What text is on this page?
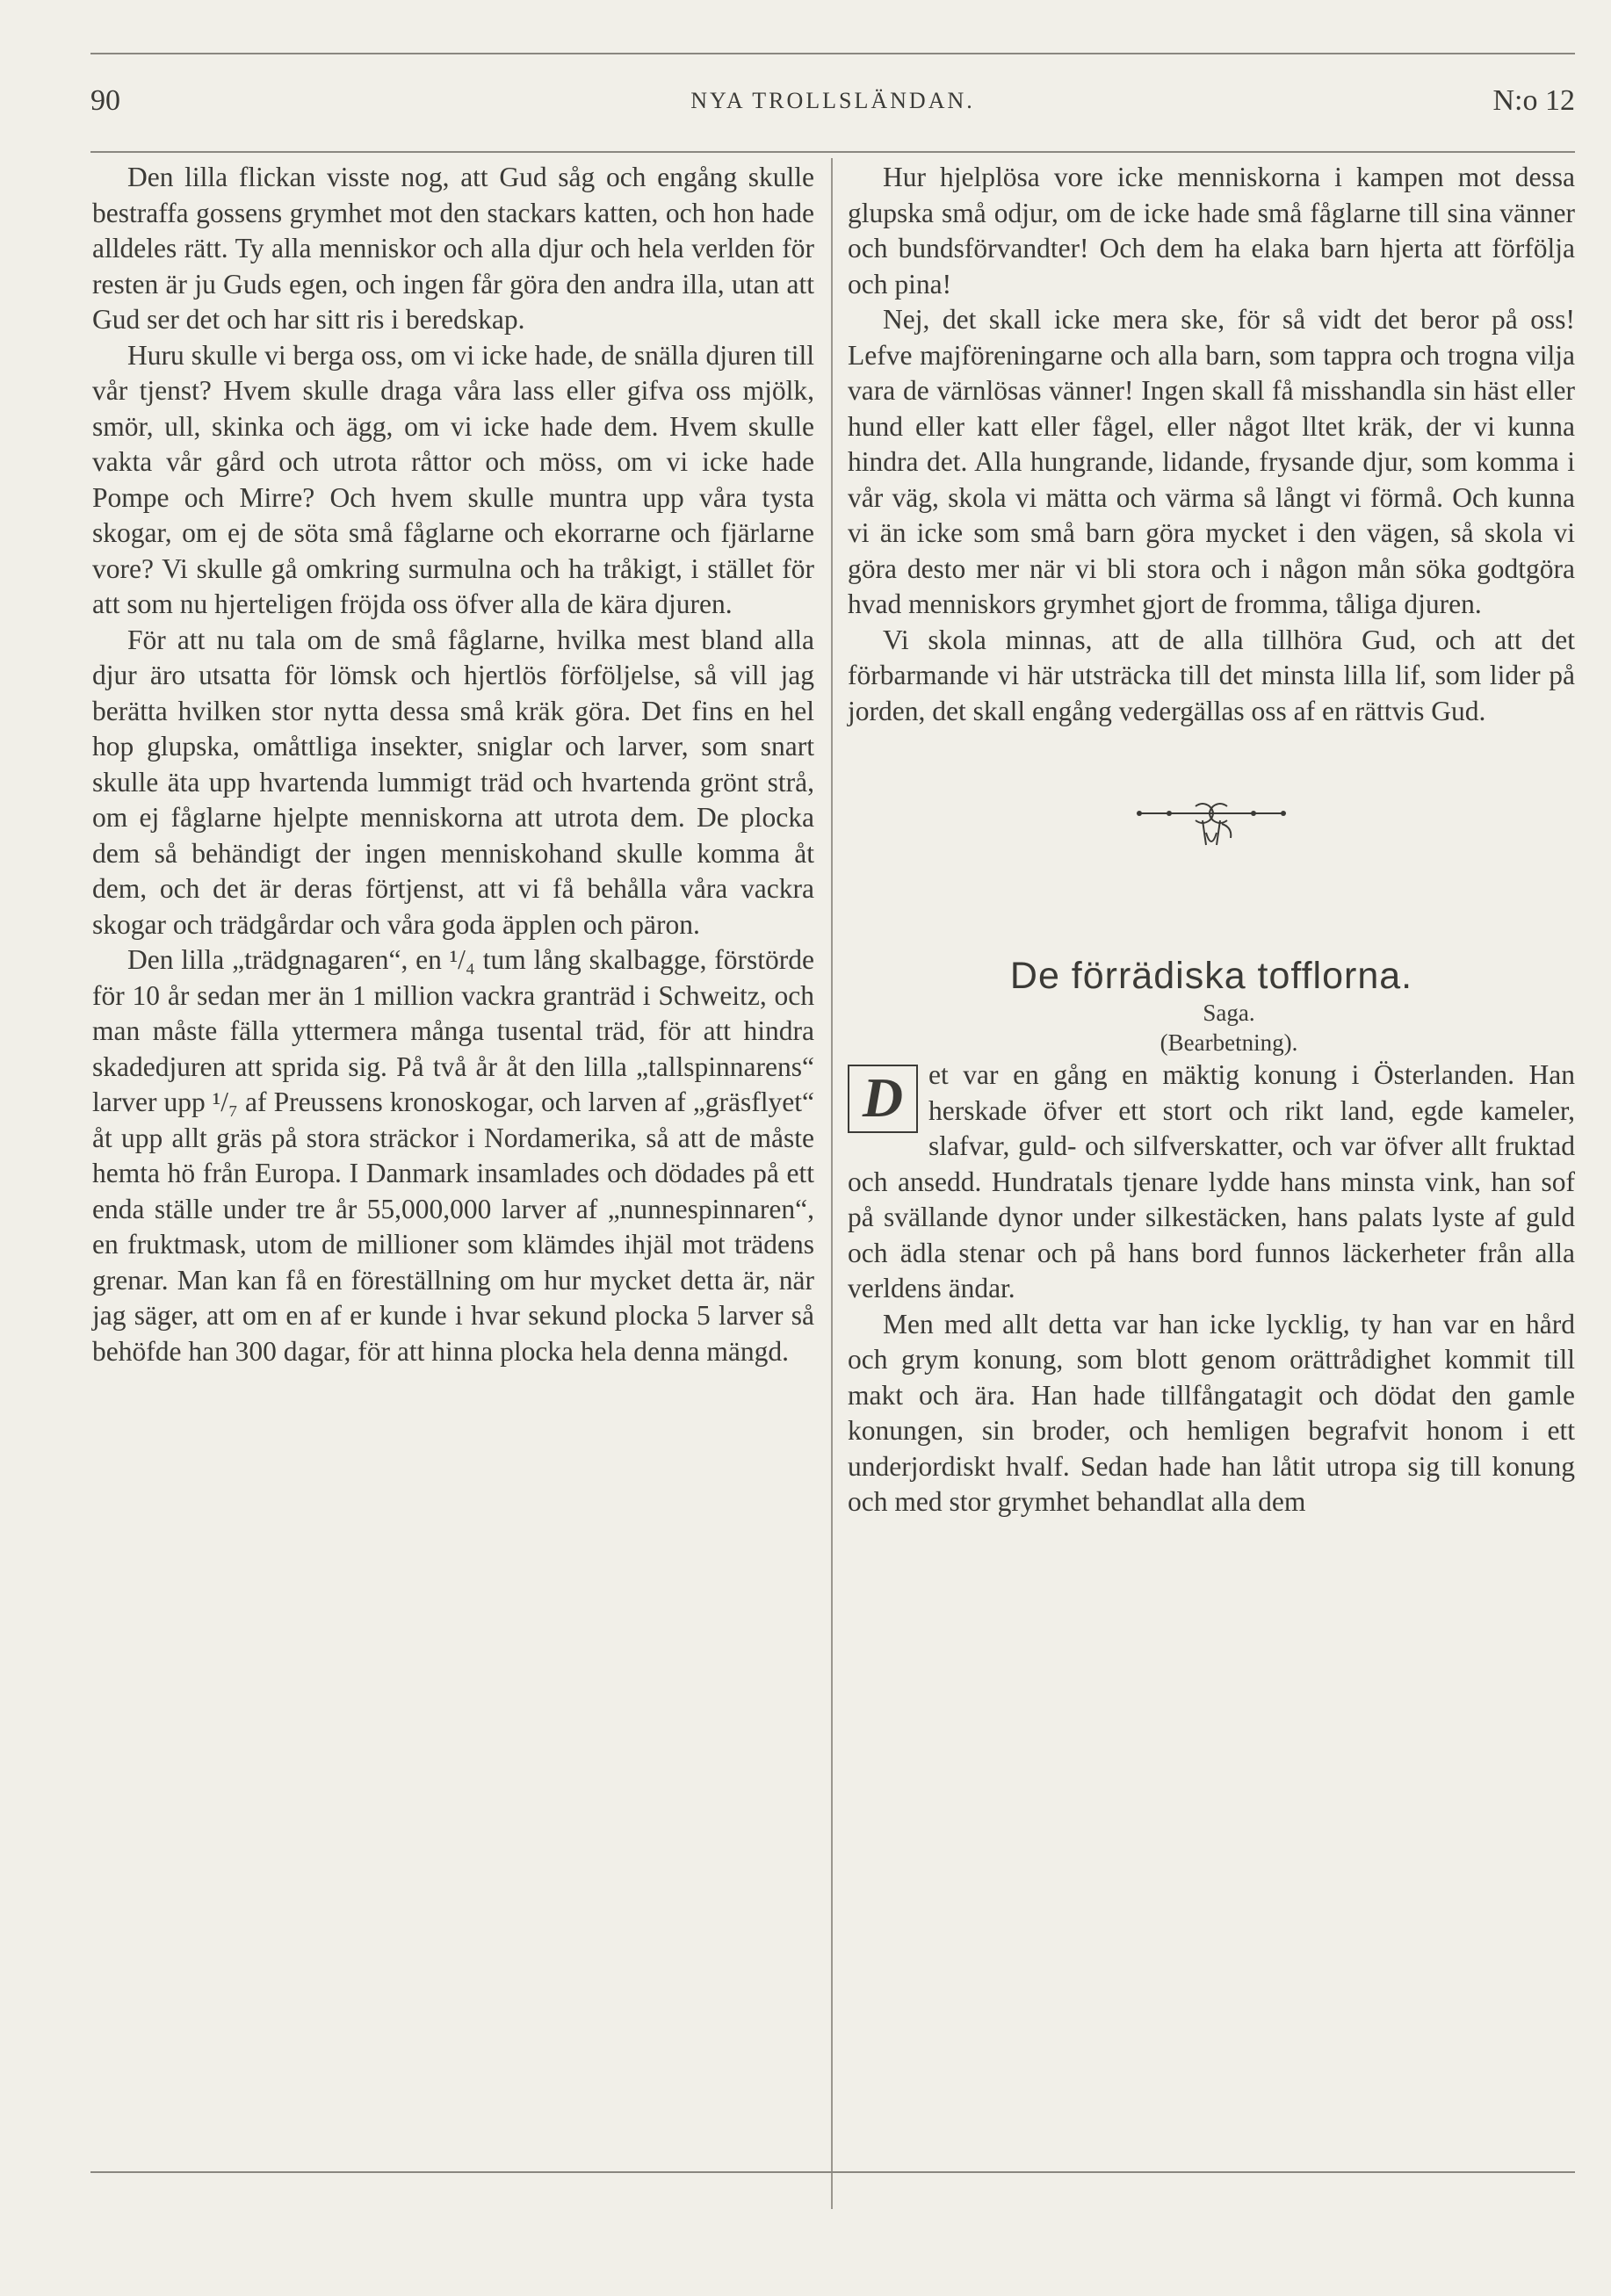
90	NYA TROLLSLÄNDAN.	N:o 12

Den lilla flickan visste nog, att Gud såg och engång skulle bestraffa gossens grymhet mot den stackars katten, och hon hade alldeles rätt. Ty alla menniskor och alla djur och hela verlden för resten är ju Guds egen, och ingen får göra den andra illa, utan att Gud ser det och har sitt ris i beredskap.

Huru skulle vi berga oss, om vi icke hade, de snälla djuren till vår tjenst? Hvem skulle draga våra lass eller gifva oss mjölk, smör, ull, skinka och ägg, om vi icke hade dem. Hvem skulle vakta vår gård och utrota råttor och möss, om vi icke hade Pompe och Mirre? Och hvem skulle muntra upp våra tysta skogar, om ej de söta små fåglarne och ekorrarne och fjärlarne vore? Vi skulle gå omkring surmulna och ha tråkigt, i stället för att som nu hjerteligen fröjda oss öfver alla de kära djuren.

För att nu tala om de små fåglarne, hvilka mest bland alla djur äro utsatta för lömsk och hjertlös förföljelse, så vill jag berätta hvilken stor nytta dessa små kräk göra. Det fins en hel hop glupska, omåttliga insekter, sniglar och larver, som snart skulle äta upp hvartenda lummigt träd och hvartenda grönt strå, om ej fåglarne hjelpte menniskorna att utrota dem. De plocka dem så behändigt der ingen menniskohand skulle komma åt dem, och det är deras förtjenst, att vi få behålla våra vackra skogar och trädgårdar och våra goda äpplen och päron.

Den lilla „trädgnagaren“, en ¹/₄ tum lång skalbagge, förstörde för 10 år sedan mer än 1 million vackra granträd i Schweitz, och man måste fälla yttermera många tusental träd, för att hindra skadedjuren att sprida sig. På två år åt den lilla „tallspinnarens“ larver upp ¹/₇ af Preussens kronoskogar, och larven af „gräsflyet“ åt upp allt gräs på stora sträckor i Nordamerika, så att de måste hemta hö från Europa. I Danmark insamlades och dödades på ett enda ställe under tre år 55,000,000 larver af „nunnespinnaren“, en fruktmask, utom de millioner som klämdes ihjäl mot trädens grenar. Man kan få en föreställning om hur mycket detta är, när jag säger, att om en af er kunde i hvar sekund plocka 5 larver så behöfde han 300 dagar, för att hinna plocka hela denna mängd.

Hur hjelplösa vore icke menniskorna i kampen mot dessa glupska små odjur, om de icke hade små fåglarne till sina vänner och bundsförvandter! Och dem ha elaka barn hjerta att förfölja och pina!

Nej, det skall icke mera ske, för så vidt det beror på oss! Lefve majföreningarne och alla barn, som tappra och trogna vilja vara de värnlösas vänner! Ingen skall få misshandla sin häst eller hund eller katt eller fågel, eller något lltet kräk, der vi kunna hindra det. Alla hungrande, lidande, frysande djur, som komma i vår väg, skola vi mätta och värma så långt vi förmå. Och kunna vi än icke som små barn göra mycket i den vägen, så skola vi göra desto mer när vi bli stora och i någon mån söka godtgöra hvad menniskors grymhet gjort de fromma, tåliga djuren.

Vi skola minnas, att de alla tillhöra Gud, och att det förbarmande vi här utsträcka till det minsta lilla lif, som lider på jorden, det skall engång vedergällas oss af en rättvis Gud.

De förrädiska tofflorna.

Saga.

(Bearbetning).

D et var en gång en mäktig konung i Österlanden. Han herskade öfver ett stort och rikt land, egde kameler, slafvar, guld- och silfverskatter, och var öfver allt fruktad och ansedd. Hundratals tjenare lydde hans minsta vink, han sof på svällande dynor under silkestäcken, hans palats lyste af guld och ädla stenar och på hans bord funnos läckerheter från alla verldens ändar.

Men med allt detta var han icke lycklig, ty han var en hård och grym konung, som blott genom orättrådighet kommit till makt och ära. Han hade tillfångatagit och dödat den gamle konungen, sin broder, och hemligen begrafvit honom i ett underjordiskt hvalf. Sedan hade han låtit utropa sig till konung och med stor grymhet behandlat alla dem
